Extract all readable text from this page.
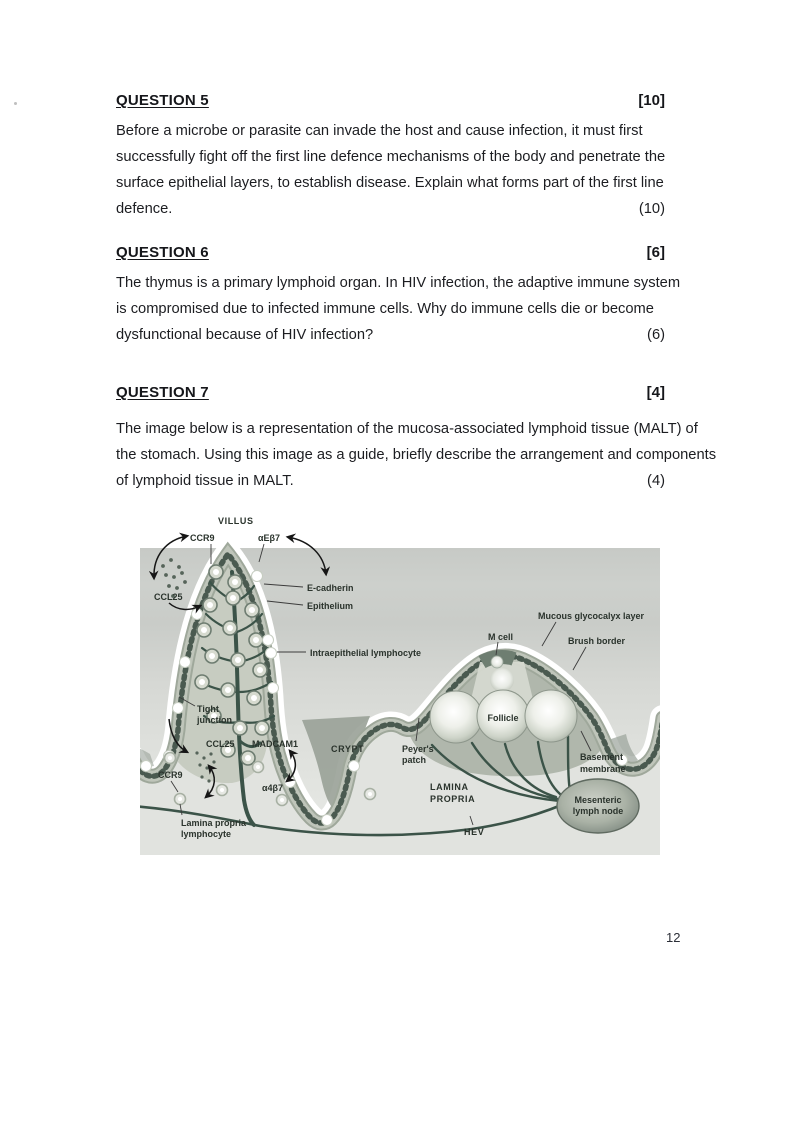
QUESTION 5	[10]
Before a microbe or parasite can invade the host and cause infection, it must first
successfully fight off the first line defence mechanisms of the body and penetrate the
surface epithelial layers, to establish disease. Explain what forms part of the first line
defence.	(10)
QUESTION 6	[6]
The thymus is a primary lymphoid organ. In HIV infection, the adaptive immune system
is compromised due to infected immune cells. Why do immune cells die or become
dysfunctional because of HIV infection?	(6)
QUESTION 7	[4]
The image below is a representation of the mucosa-associated lymphoid tissue (MALT) of
the stomach. Using this image as a guide, briefly describe the arrangement and components
of lymphoid tissue in MALT.	(4)
VILLUS
CCR9	αEβ7
CCL25
E-cadherin
Epithelium
Intraepithelial lymphocyte
M cell
Mucous glycocalyx layer
Brush border
Tight
junction
CCL25 MADCAM1	CRYPT	Peyer's
patch
Follicle
Basement
membrane
LAMINA
PROPRIA	Mesenteric
lymph node
CCR9
α4β7
Lamina propria
lymphocyte	HEV
12
